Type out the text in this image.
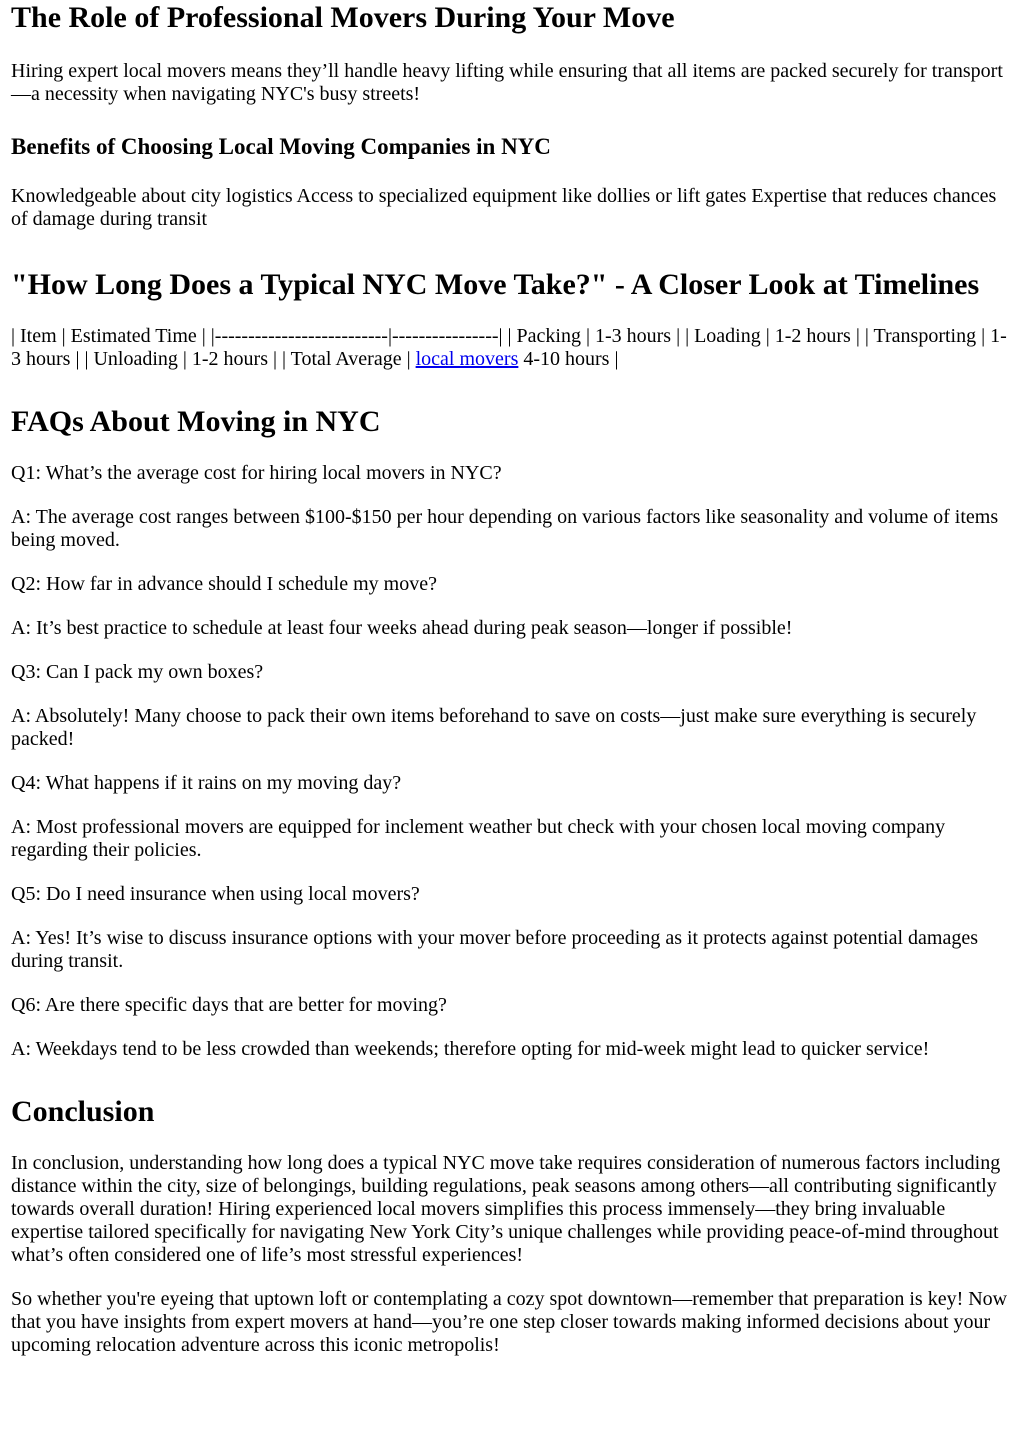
The Role of Professional Movers During Your Move

Hiring expert local movers means they’ll handle heavy lifting while ensuring that all items are packed securely for transport—a necessity when navigating NYC's busy streets!

Benefits of Choosing Local Moving Companies in NYC

Knowledgeable about city logistics Access to specialized equipment like dollies or lift gates Expertise that reduces chances of damage during transit

"How Long Does a Typical NYC Move Take?" - A Closer Look at Timelines

| Item | Estimated Time | |--------------------------|----------------| | Packing | 1-3 hours | | Loading | 1-2 hours | | Transporting | 1-3 hours | | Unloading | 1-2 hours | | Total Average | local movers 4-10 hours |

FAQs About Moving in NYC

Q1: What’s the average cost for hiring local movers in NYC?

A: The average cost ranges between $100-$150 per hour depending on various factors like seasonality and volume of items being moved.

Q2: How far in advance should I schedule my move?

A: It’s best practice to schedule at least four weeks ahead during peak season—longer if possible!

Q3: Can I pack my own boxes?

A: Absolutely! Many choose to pack their own items beforehand to save on costs—just make sure everything is securely packed!

Q4: What happens if it rains on my moving day?

A: Most professional movers are equipped for inclement weather but check with your chosen local moving company regarding their policies.

Q5: Do I need insurance when using local movers?

A: Yes! It’s wise to discuss insurance options with your mover before proceeding as it protects against potential damages during transit.

Q6: Are there specific days that are better for moving?

A: Weekdays tend to be less crowded than weekends; therefore opting for mid-week might lead to quicker service!

Conclusion

In conclusion, understanding how long does a typical NYC move take requires consideration of numerous factors including distance within the city, size of belongings, building regulations, peak seasons among others—all contributing significantly towards overall duration! Hiring experienced local movers simplifies this process immensely—they bring invaluable expertise tailored specifically for navigating New York City’s unique challenges while providing peace-of-mind throughout what’s often considered one of life’s most stressful experiences!

So whether you're eyeing that uptown loft or contemplating a cozy spot downtown—remember that preparation is key! Now that you have insights from expert movers at hand—you’re one step closer towards making informed decisions about your upcoming relocation adventure across this iconic metropolis!
